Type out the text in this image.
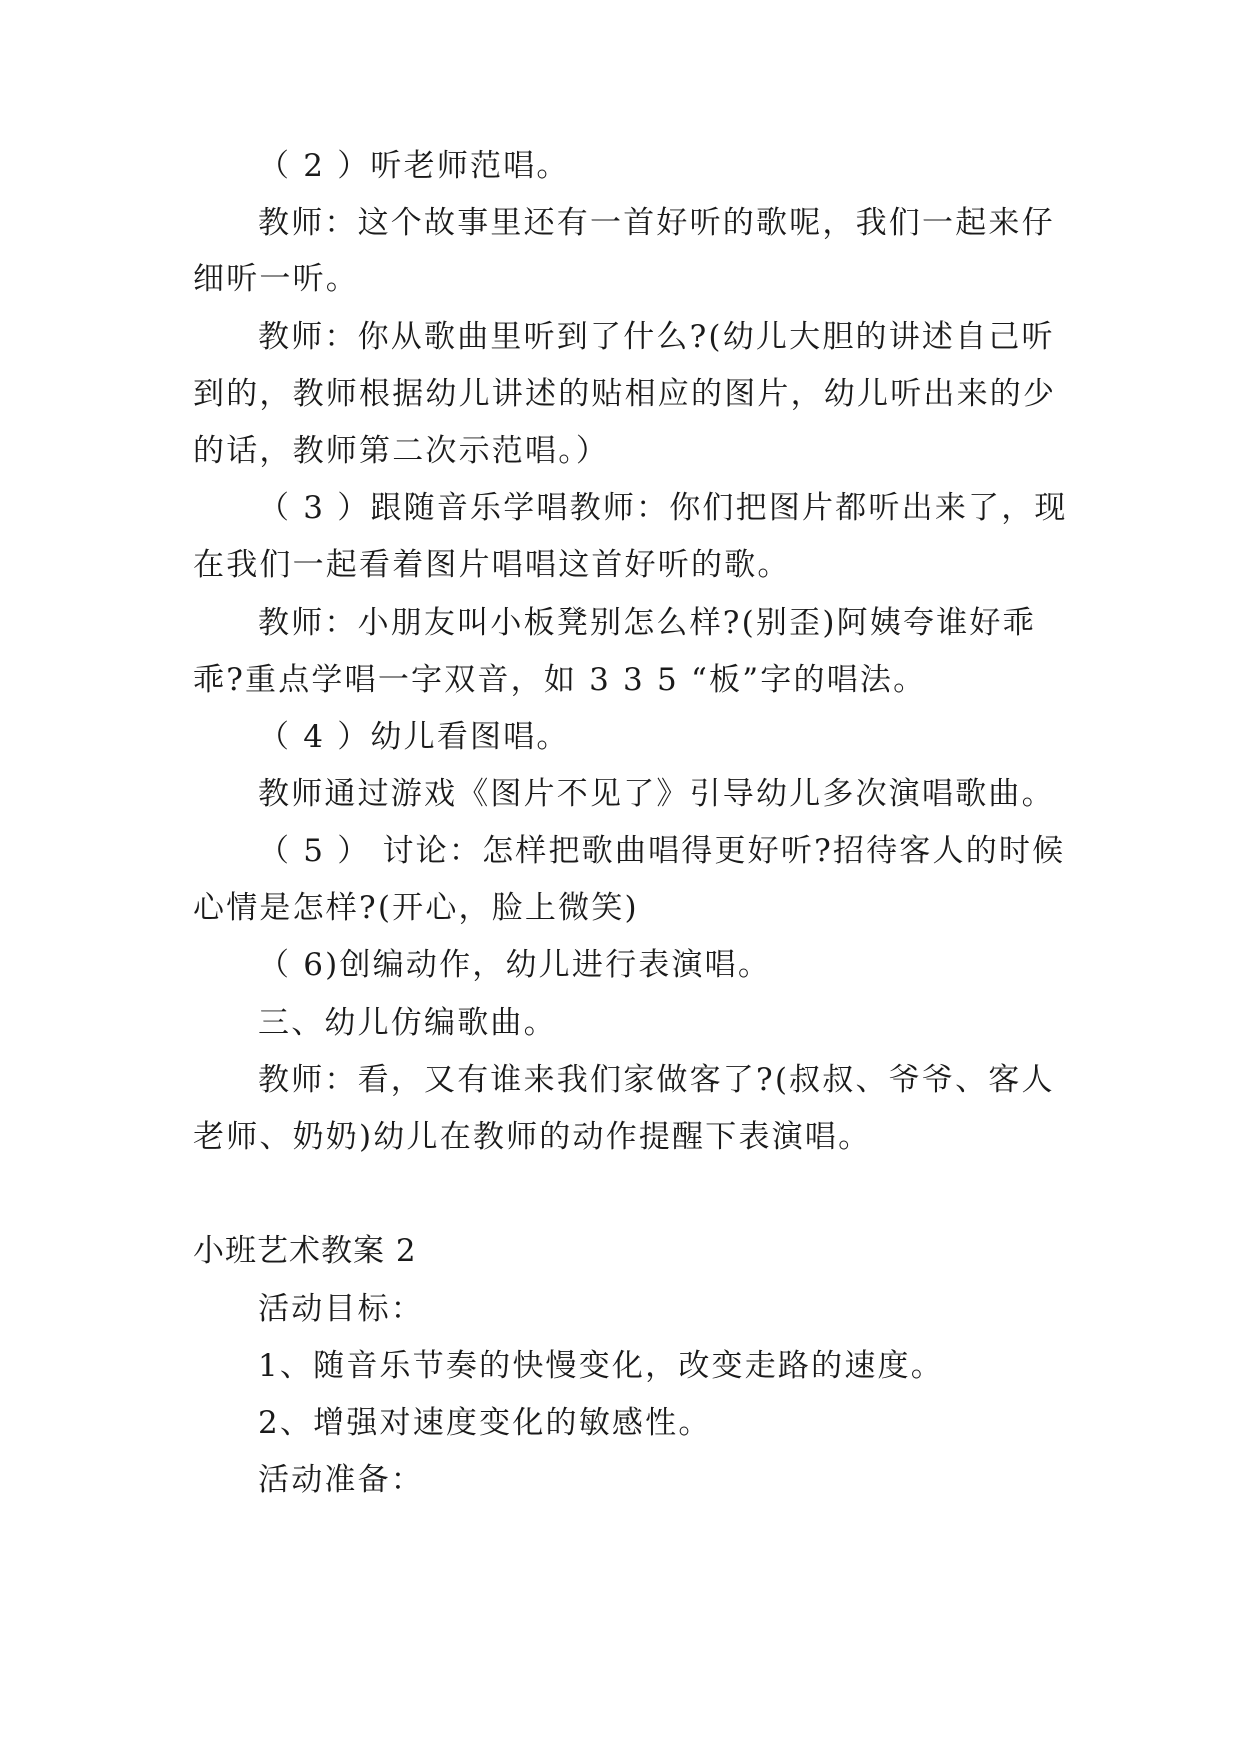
（ 2 ）听老师范唱。
教师：这个故事里还有一首好听的歌呢，我们一起来仔
细听一听。
教师：你从歌曲里听到了什么?(幼儿大胆的讲述自己听
到的，教师根据幼儿讲述的贴相应的图片，幼儿听出来的少
的话，教师第二次示范唱。）
（ 3 ）跟随音乐学唱教师：你们把图片都听出来了，现
在我们一起看着图片唱唱这首好听的歌。
教师：小朋友叫小板凳别怎么样?(别歪)阿姨夸谁好乖
乖?重点学唱一字双音，如 3 3 5 “板”字的唱法。
（ 4 ）幼儿看图唱。
教师通过游戏《图片不见了》引导幼儿多次演唱歌曲。
（ 5 ） 讨论：怎样把歌曲唱得更好听?招待客人的时候
心情是怎样?(开心，脸上微笑)
（ 6)创编动作，幼儿进行表演唱。
三、幼儿仿编歌曲。
教师：看，又有谁来我们家做客了?(叔叔、爷爷、客人
老师、奶奶)幼儿在教师的动作提醒下表演唱。
小班艺术教案 2
活动目标：
1、随音乐节奏的快慢变化，改变走路的速度。
2、增强对速度变化的敏感性。
活动准备：
